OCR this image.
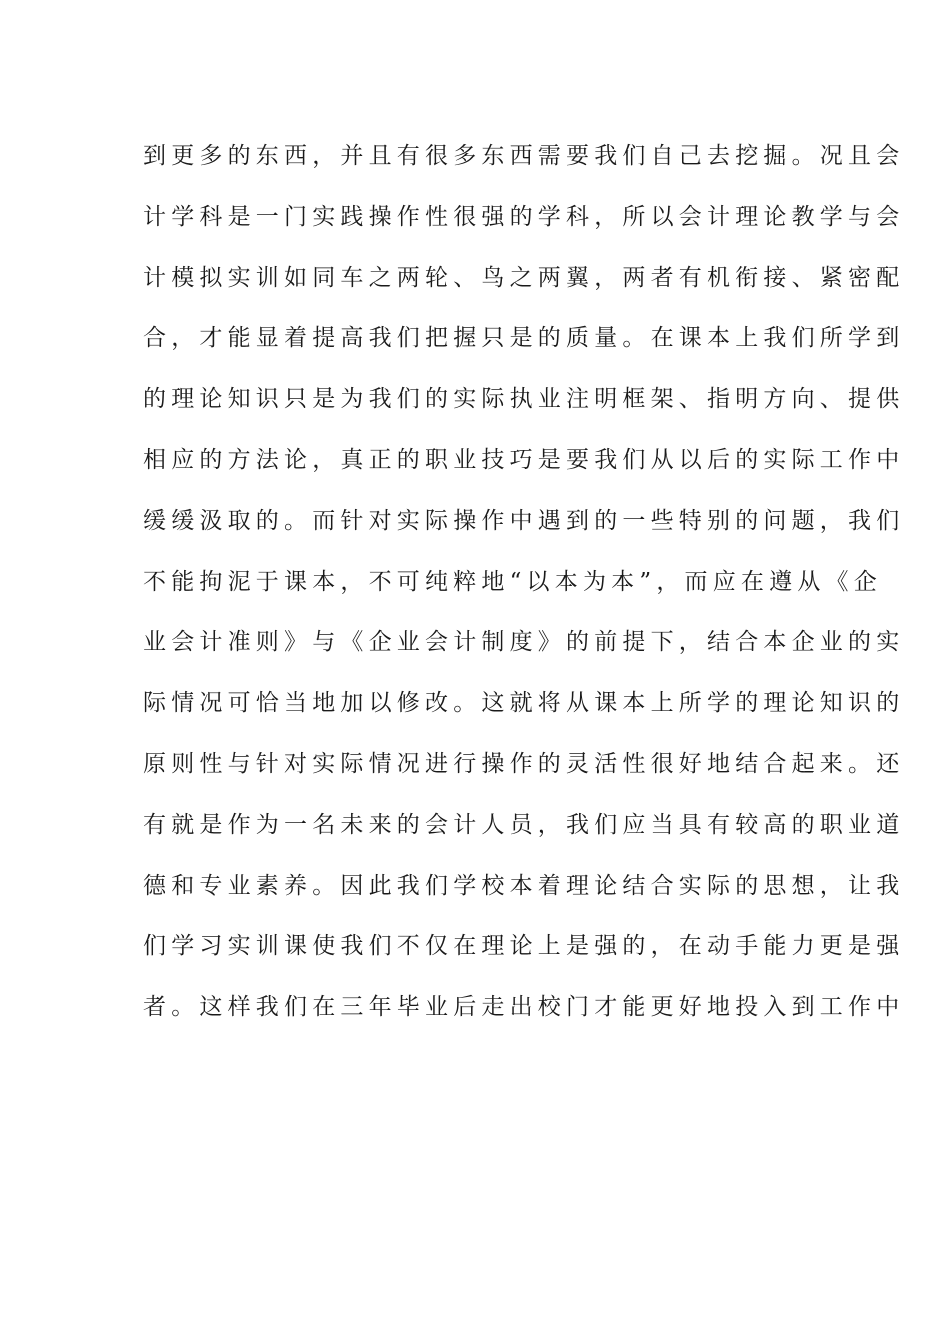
到更多的东西，并且有很多东西需要我们自己去挖掘。况且会
计学科是一门实践操作性很强的学科，所以会计理论教学与会
计模拟实训如同车之两轮、鸟之两翼，两者有机衔接、紧密配
合，才能显着提高我们把握只是的质量。在课本上我们所学到
的理论知识只是为我们的实际执业注明框架、指明方向、提供
相应的方法论，真正的职业技巧是要我们从以后的实际工作中
缓缓汲取的。而针对实际操作中遇到的一些特别的问题，我们
不能拘泥于课本，不可纯粹地“以本为本”，而应在遵从《企
业会计准则》与《企业会计制度》的前提下，结合本企业的实
际情况可恰当地加以修改。这就将从课本上所学的理论知识的
原则性与针对实际情况进行操作的灵活性很好地结合起来。还
有就是作为一名未来的会计人员，我们应当具有较高的职业道
德和专业素养。因此我们学校本着理论结合实际的思想，让我
们学习实训课使我们不仅在理论上是强的，在动手能力更是强
者。这样我们在三年毕业后走出校门才能更好地投入到工作中
